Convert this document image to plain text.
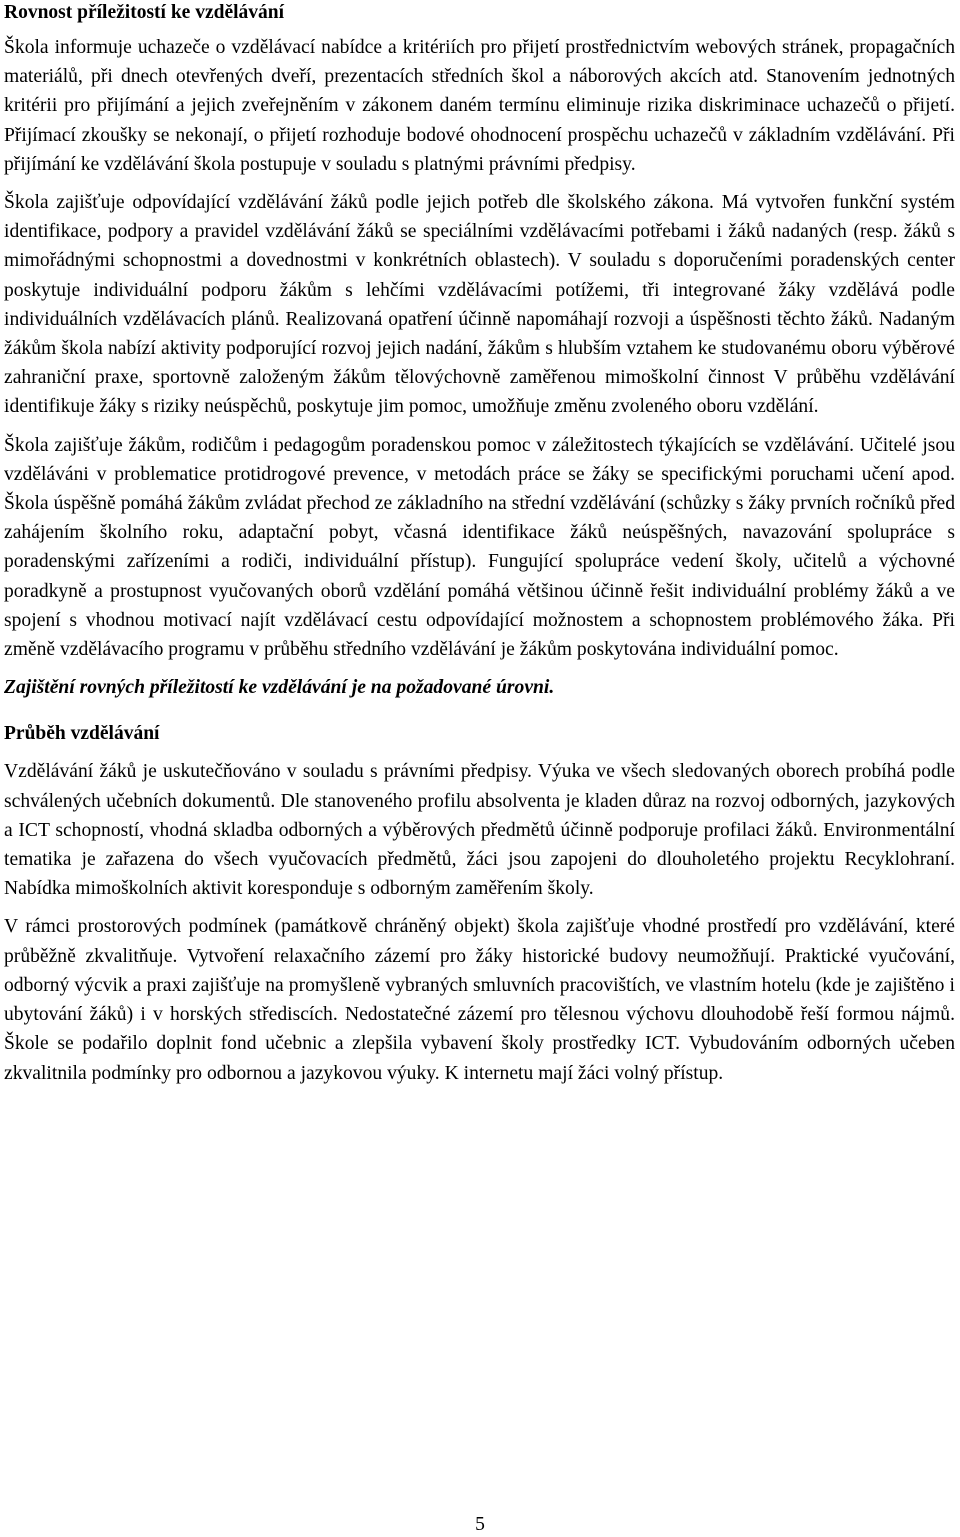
Rovnost příležitostí ke vzdělávání

Škola informuje uchazeče o vzdělávací nabídce a kritériích pro přijetí prostřednictvím webových stránek, propagačních materiálů, při dnech otevřených dveří, prezentacích středních škol a náborových akcích atd. Stanovením jednotných kritérii pro přijímání a jejich zveřejněním v zákonem daném termínu eliminuje rizika diskriminace uchazečů o přijetí. Přijímací zkoušky se nekonají, o přijetí rozhoduje bodové ohodnocení prospěchu uchazečů v základním vzdělávání. Při přijímání ke vzdělávání škola postupuje v souladu s platnými právními předpisy.

Škola zajišťuje odpovídající vzdělávání žáků podle jejich potřeb dle školského zákona. Má vytvořen funkční systém identifikace, podpory a pravidel vzdělávání žáků se speciálními vzdělávacími potřebami i žáků nadaných (resp. žáků s mimořádnými schopnostmi a dovednostmi v konkrétních oblastech). V souladu s doporučeními poradenských center poskytuje individuální podporu žákům s lehčími vzdělávacími potížemi, tři integrované žáky vzdělává podle individuálních vzdělávacích plánů. Realizovaná opatření účinně napomáhají rozvoji a úspěšnosti těchto žáků. Nadaným žákům škola nabízí aktivity podporující rozvoj jejich nadání, žákům s hlubším vztahem ke studovanému oboru výběrové zahraniční praxe, sportovně založeným žákům tělovýchovně zaměřenou mimoškolní činnost V průběhu vzdělávání identifikuje žáky s riziky neúspěchů, poskytuje jim pomoc, umožňuje změnu zvoleného oboru vzdělání.

Škola zajišťuje žákům, rodičům i pedagogům poradenskou pomoc v záležitostech týkajících se vzdělávání. Učitelé jsou vzděláváni v problematice protidrogové prevence, v metodách práce se žáky se specifickými poruchami učení apod. Škola úspěšně pomáhá žákům zvládat přechod ze základního na střední vzdělávání (schůzky s žáky prvních ročníků před zahájením školního roku, adaptační pobyt, včasná identifikace žáků neúspěšných, navazování spolupráce s poradenskými zařízeními a rodiči, individuální přístup). Fungující spolupráce vedení školy, učitelů a výchovné poradkyně a prostupnost vyučovaných oborů vzdělání pomáhá většinou účinně řešit individuální problémy žáků a ve spojení s vhodnou motivací najít vzdělávací cestu odpovídající možnostem a schopnostem problémového žáka. Při změně vzdělávacího programu v průběhu středního vzdělávání je žákům poskytována individuální pomoc.

Zajištění rovných příležitostí ke vzdělávání je na požadované úrovni.

Průběh vzdělávání

Vzdělávání žáků je uskutečňováno v souladu s právními předpisy. Výuka ve všech sledovaných oborech probíhá podle schválených učebních dokumentů. Dle stanoveného profilu absolventa je kladen důraz na rozvoj odborných, jazykových a ICT schopností, vhodná skladba odborných a výběrových předmětů účinně podporuje profilaci žáků. Environmentální tematika je zařazena do všech vyučovacích předmětů, žáci jsou zapojeni do dlouholetého projektu Recyklohraní. Nabídka mimoškolních aktivit koresponduje s odborným zaměřením školy.

V rámci prostorových podmínek (památkově chráněný objekt) škola zajišťuje vhodné prostředí pro vzdělávání, které průběžně zkvalitňuje. Vytvoření relaxačního zázemí pro žáky historické budovy neumožňují. Praktické vyučování, odborný výcvik a praxi zajišťuje na promyšleně vybraných smluvních pracovištích, ve vlastním hotelu (kde je zajištěno i ubytování žáků) i v horských střediscích. Nedostatečné zázemí pro tělesnou výchovu dlouhodobě řeší formou nájmů. Škole se podařilo doplnit fond učebnic a zlepšila vybavení školy prostředky ICT. Vybudováním odborných učeben zkvalitnila podmínky pro odbornou a jazykovou výuky. K internetu mají žáci volný přístup.

5
